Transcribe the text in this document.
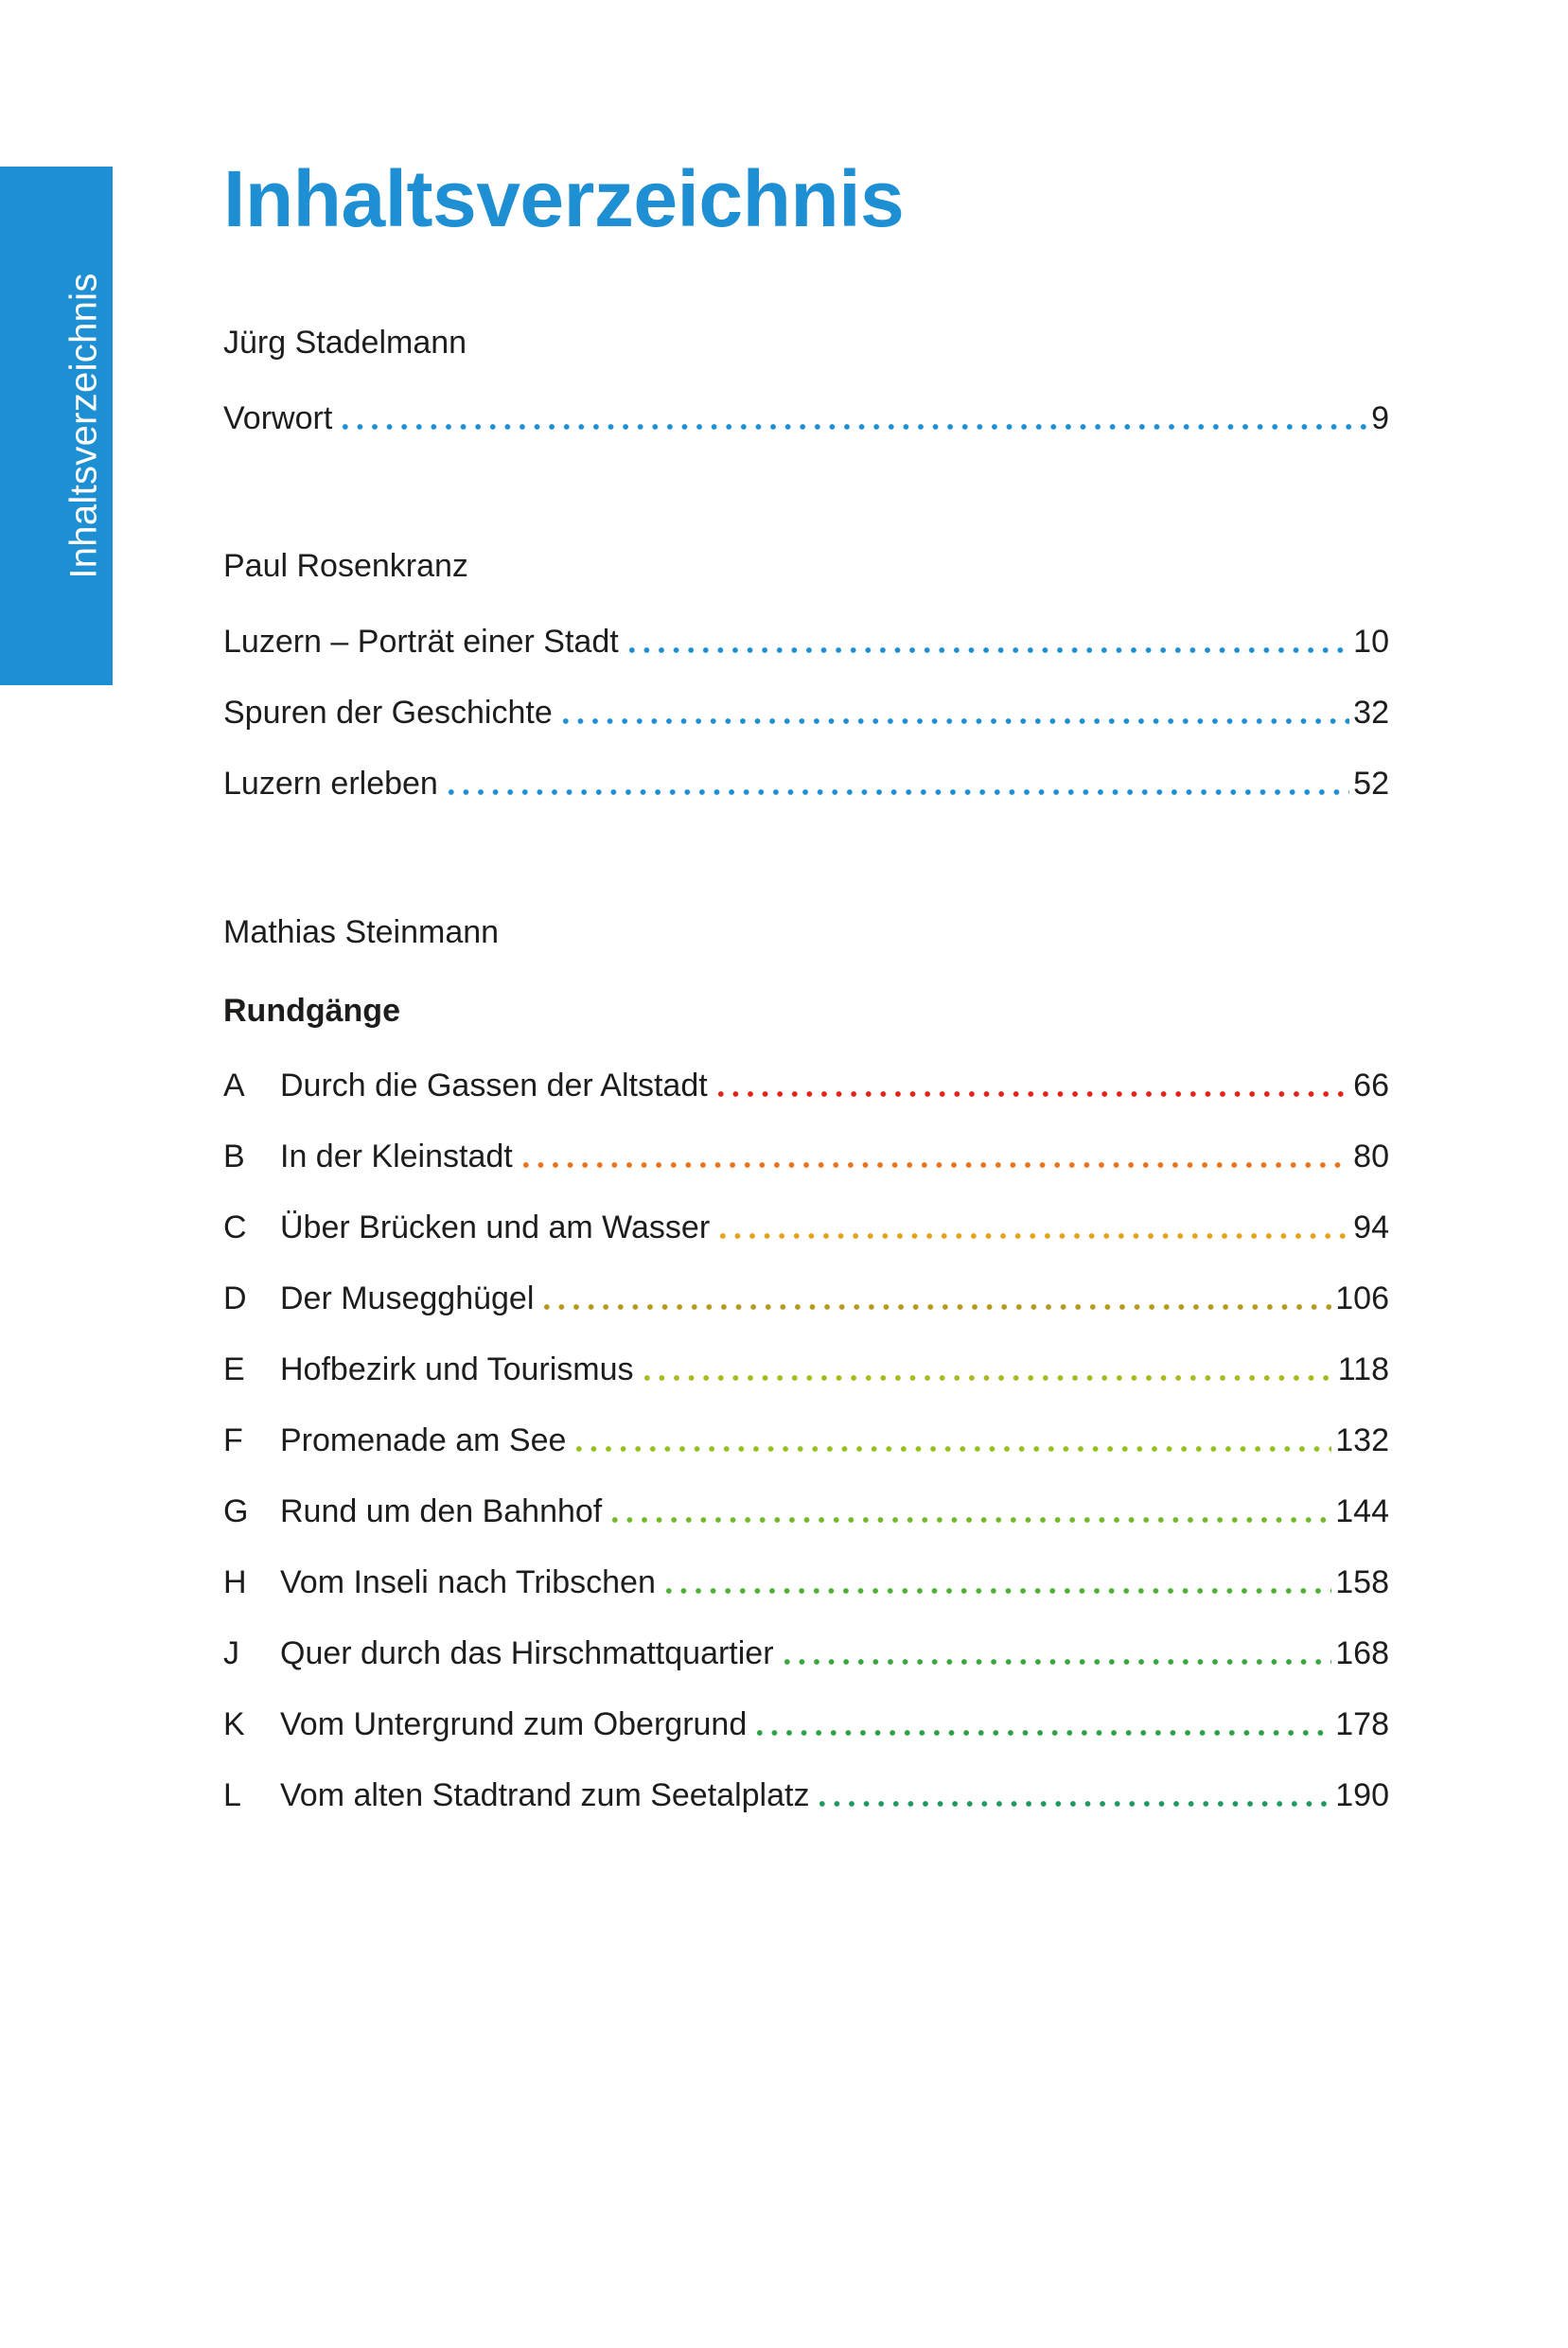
Inhaltsverzeichnis
Inhaltsverzeichnis
Jürg Stadelmann
Vorwort	9
Paul Rosenkranz
Luzern – Porträt einer Stadt	10
Spuren der Geschichte	32
Luzern erleben	52
Mathias Steinmann
Rundgänge
A	Durch die Gassen der Altstadt	66
B	In der Kleinstadt	80
C	Über Brücken und am Wasser	94
D	Der Musegghügel	106
E	Hofbezirk und Tourismus	118
F	Promenade am See	132
G Rund um den Bahnhof	144
H	Vom Inseli nach Tribschen	158
J	Quer durch das Hirschmattquartier	168
K	Vom Untergrund zum Obergrund	178
L	Vom alten Stadtrand zum Seetalplatz	190
